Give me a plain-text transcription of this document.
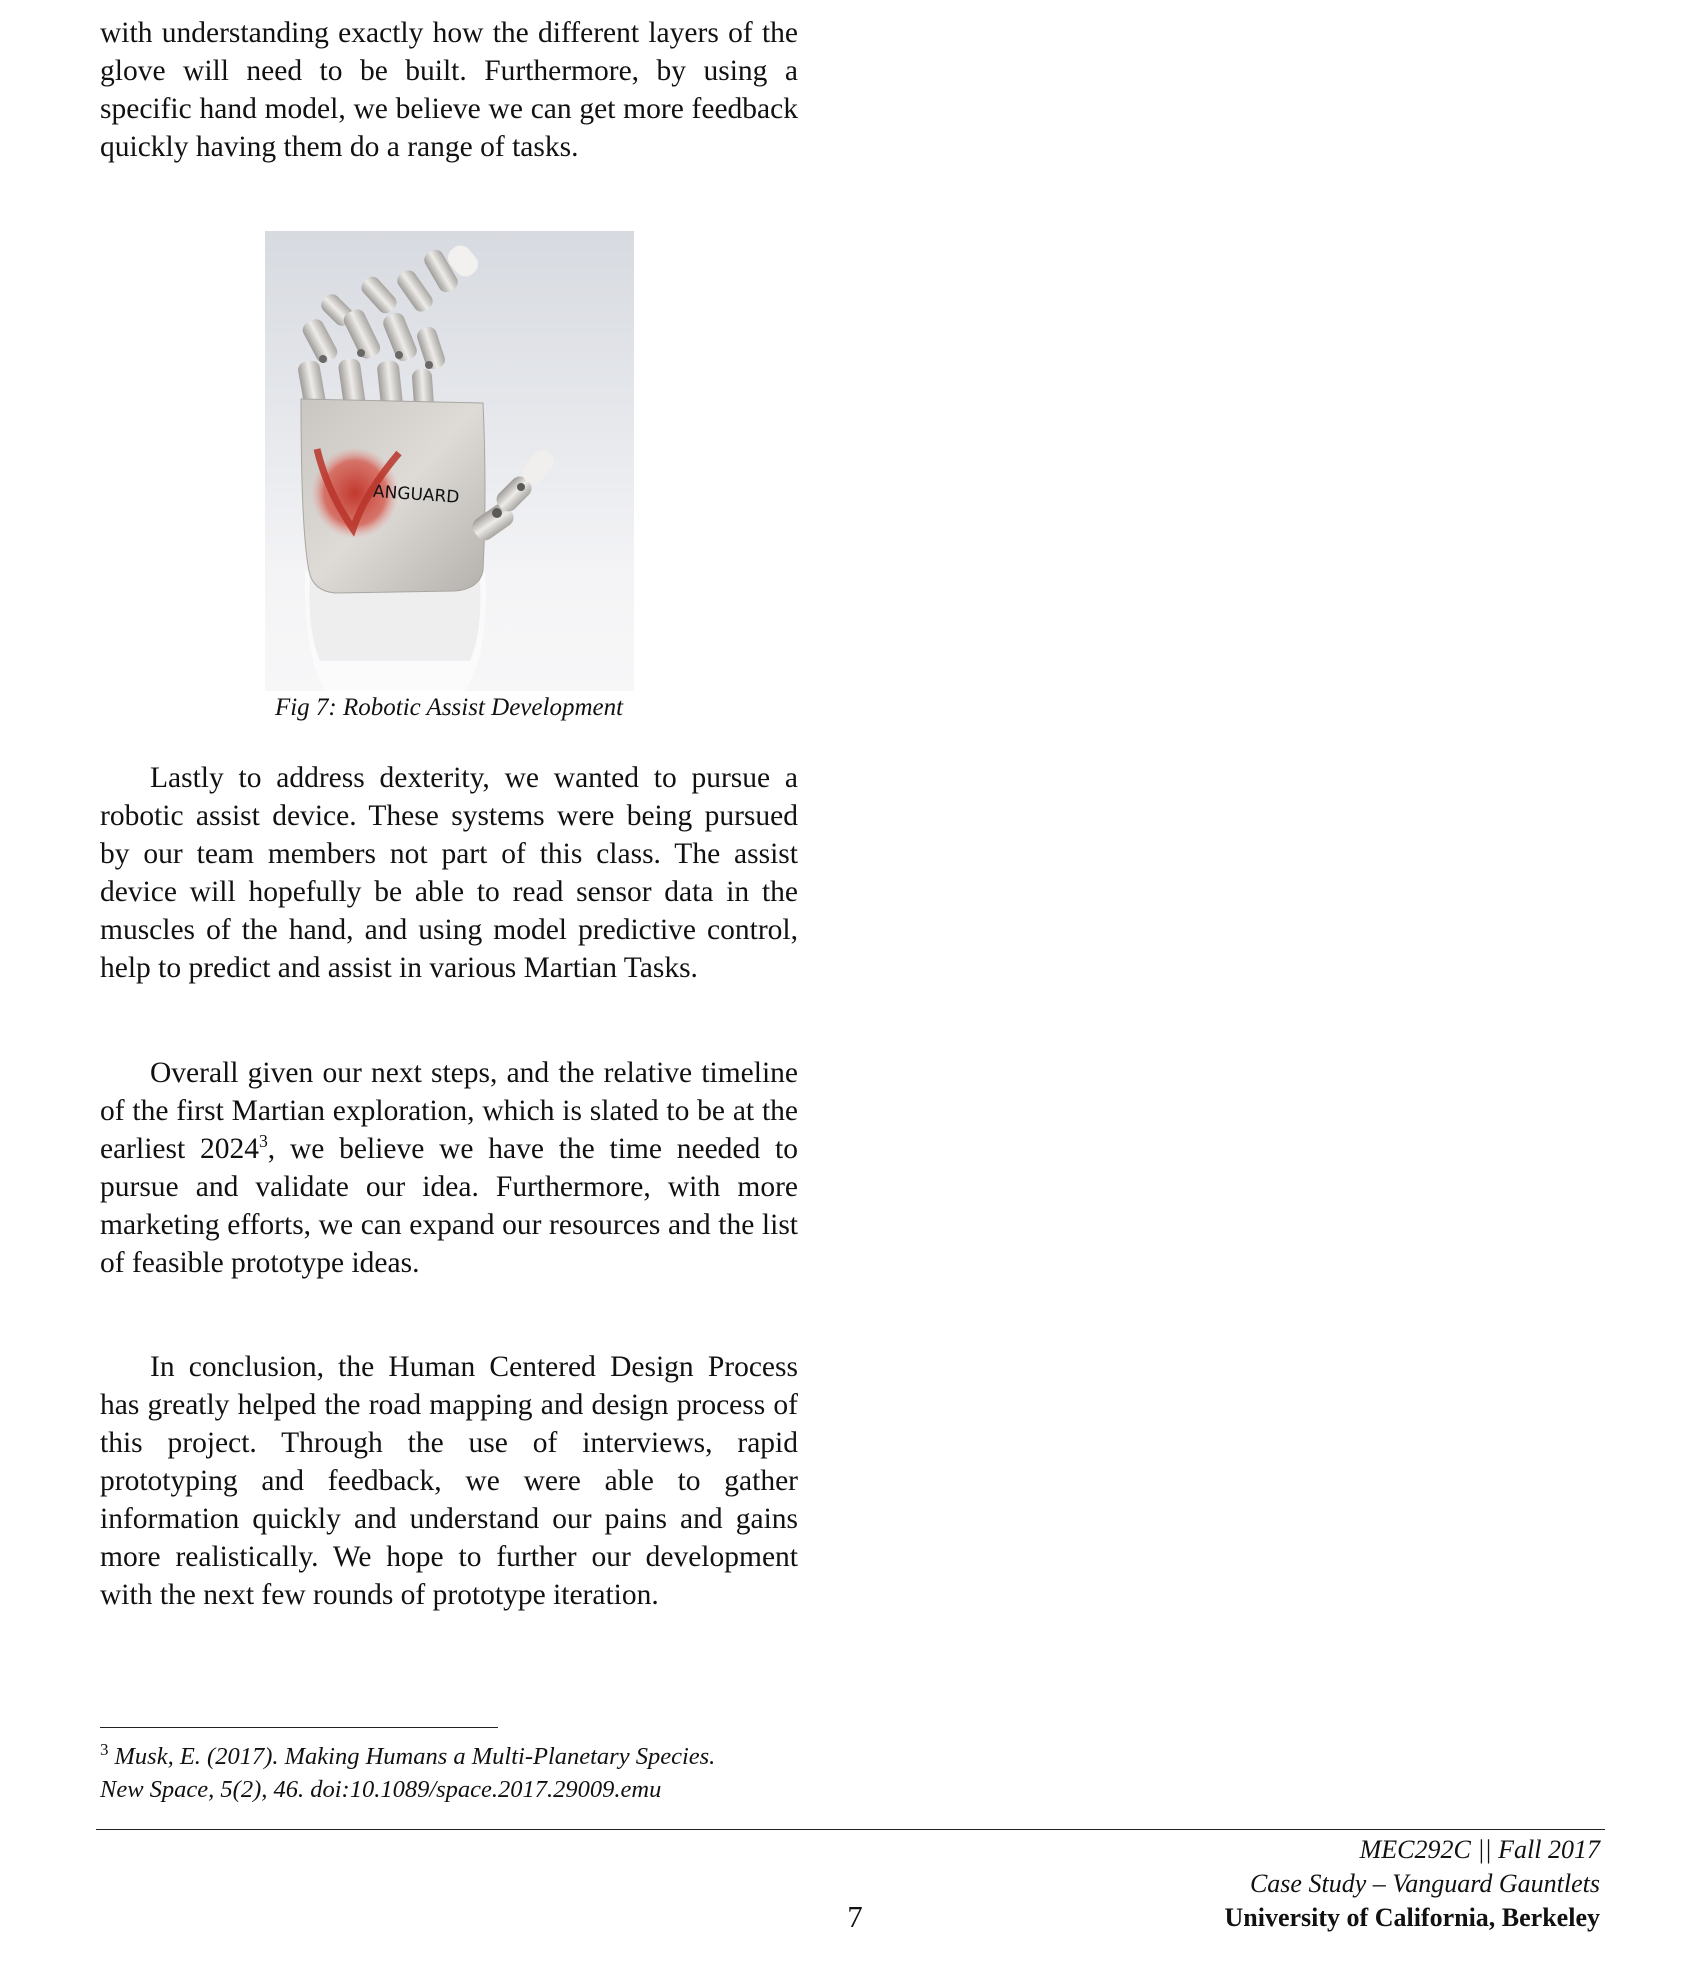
with understanding exactly how the different layers of the glove will need to be built. Furthermore, by using a specific hand model, we believe we can get more feedback quickly having them do a range of tasks.

ANGUARD
Fig 7: Robotic Assist Development

Lastly to address dexterity, we wanted to pursue a robotic assist device. These systems were being pursued by our team members not part of this class. The assist device will hopefully be able to read sensor data in the muscles of the hand, and using model predictive control, help to predict and assist in various Martian Tasks.

Overall given our next steps, and the relative timeline of the first Martian exploration, which is slated to be at the earliest 2024$^3$, we believe we have the time needed to pursue and validate our idea. Furthermore, with more marketing efforts, we can expand our resources and the list of feasible prototype ideas.

In conclusion, the Human Centered Design Process has greatly helped the road mapping and design process of this project. Through the use of interviews, rapid prototyping and feedback, we were able to gather information quickly and understand our pains and gains more realistically. We hope to further our development with the next few rounds of prototype iteration.

$^3$ Musk, E. (2017). Making Humans a Multi-Planetary Species.
New Space, 5(2), 46. doi:10.1089/space.2017.29009.emu
MEC292C || Fall 2017
Case Study – Vanguard Gauntlets
University of California, Berkeley
7
